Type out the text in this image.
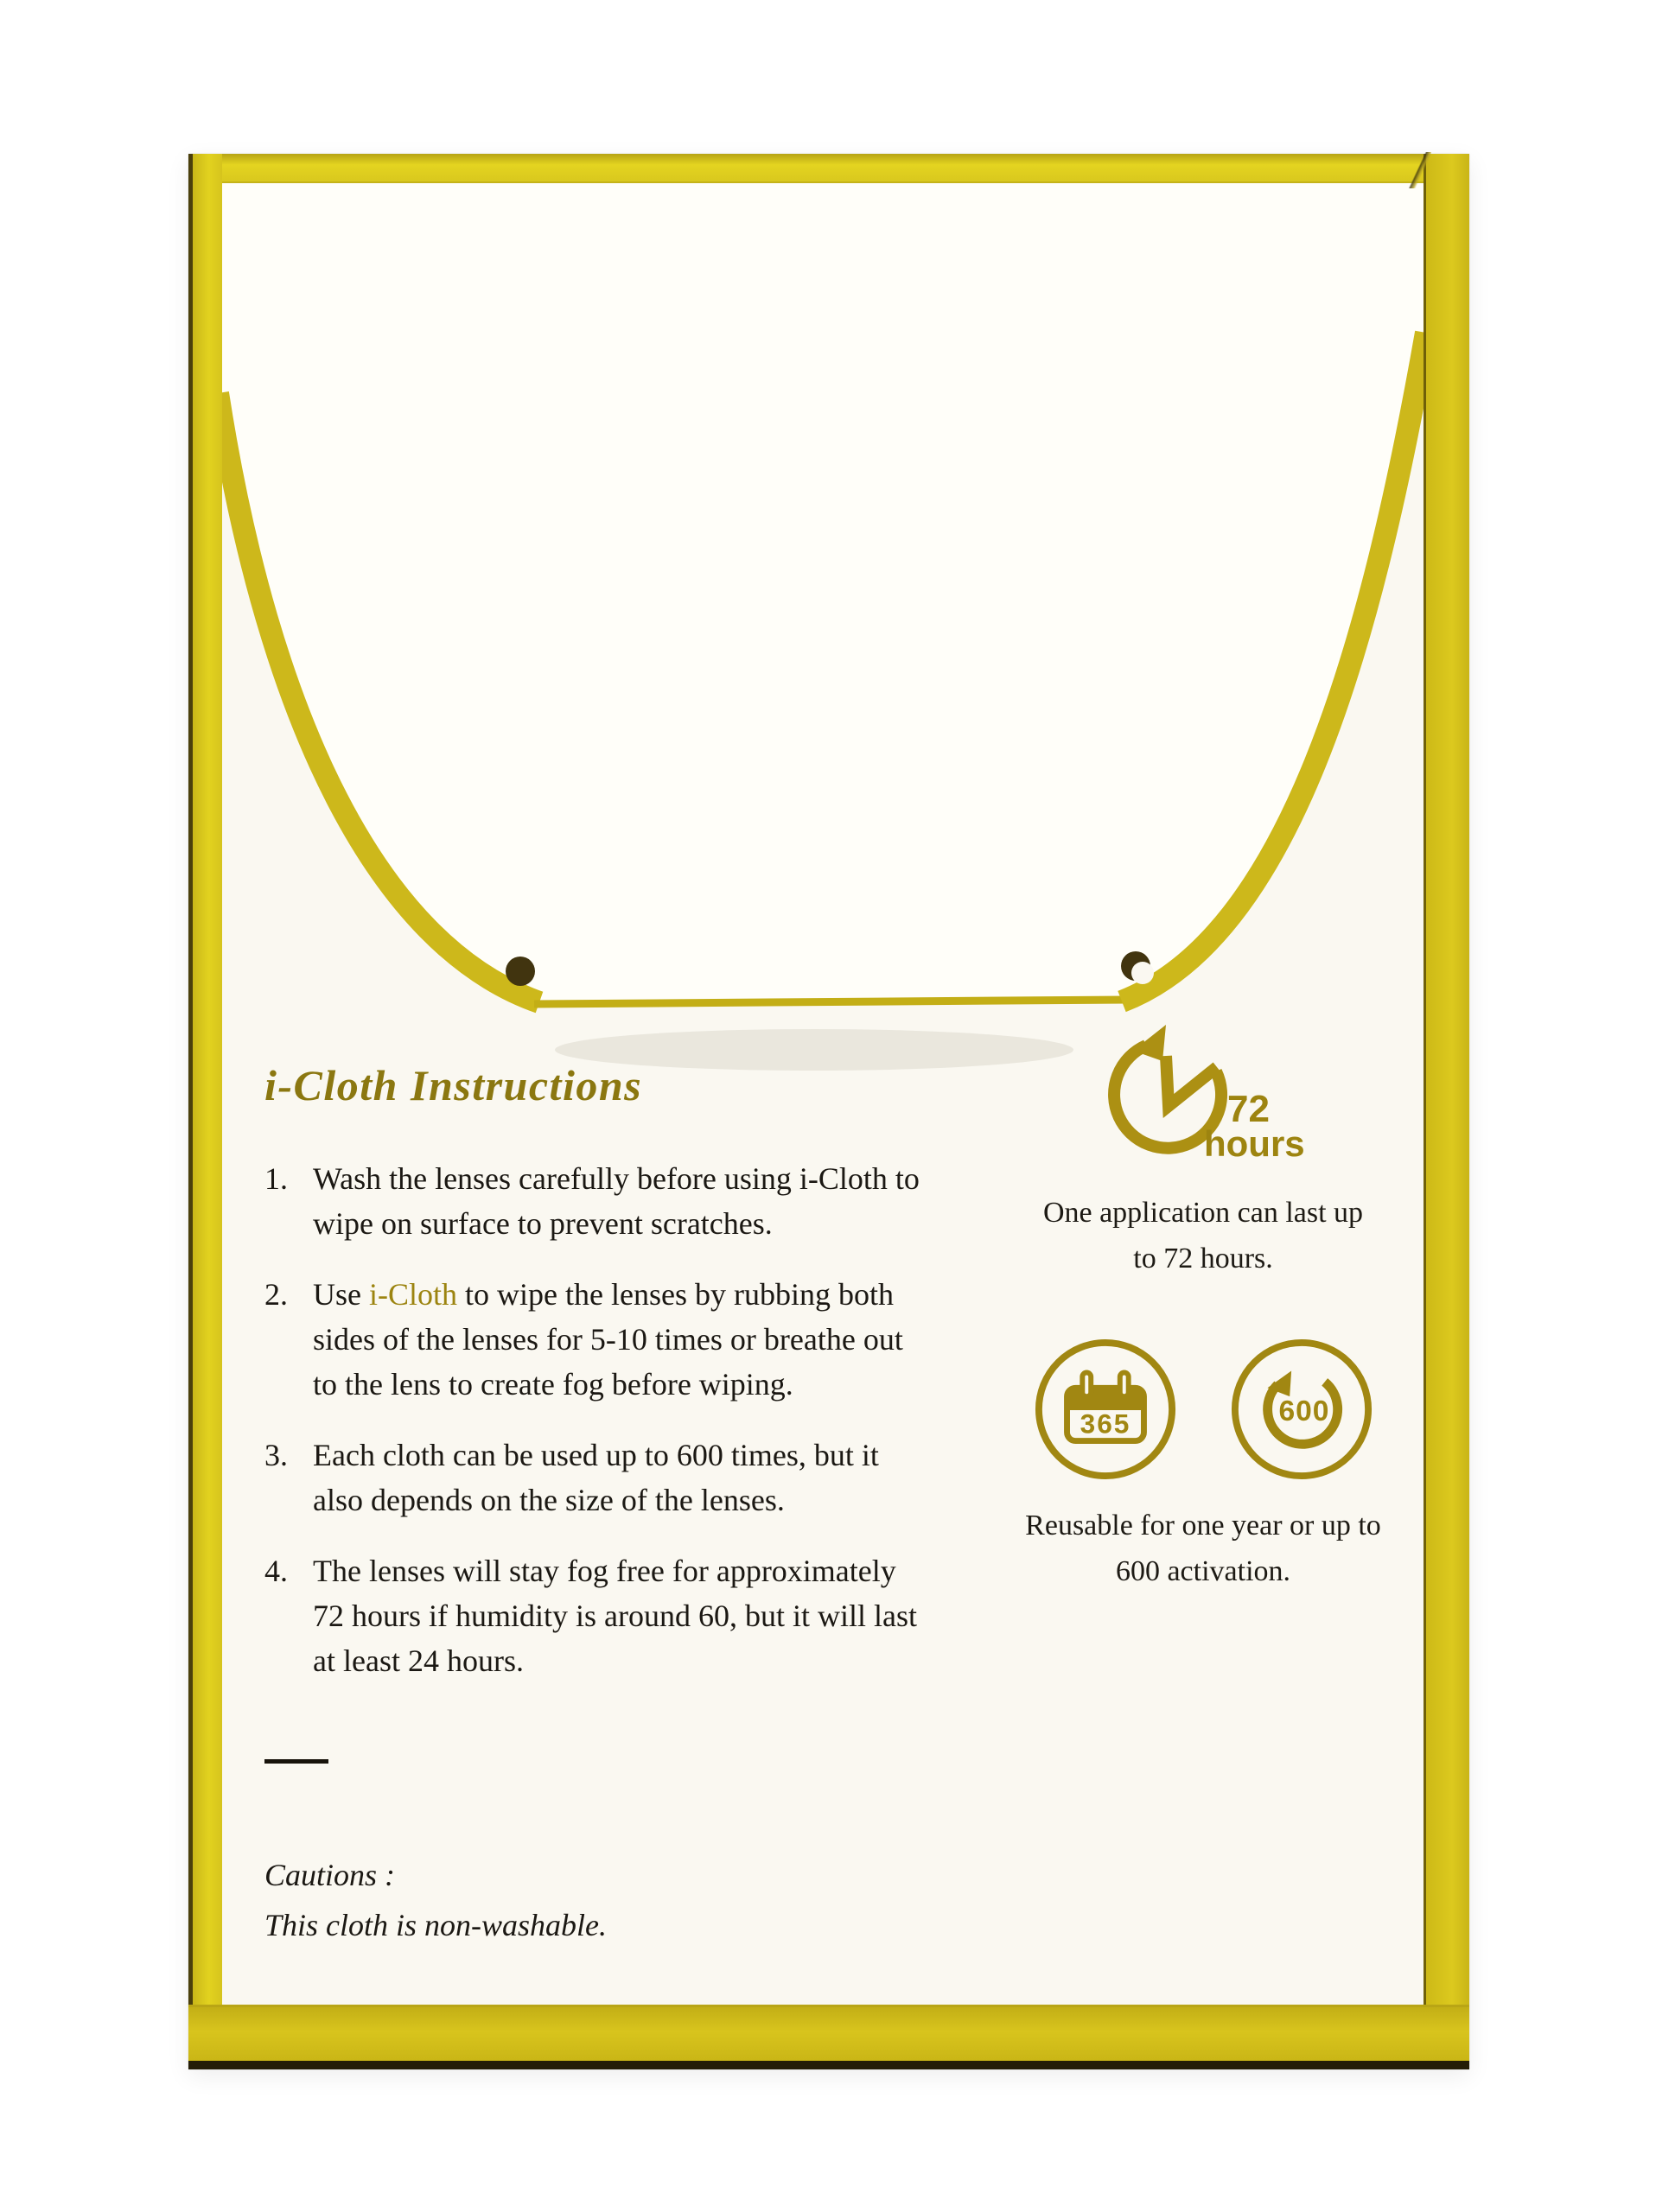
i-Cloth Instructions
1. Wash the lenses carefully before using i-Cloth to
wipe on surface to prevent scratches.
2. Use i-Cloth to wipe the lenses by rubbing both
sides of the lenses for 5-10 times or breathe out
to the lens to create fog before wiping.
3. Each cloth can be used up to 600 times, but it
also depends on the size of the lenses.
4. The lenses will stay fog free for approximately
72 hours if humidity is around 60, but it will last
at least 24 hours.
Cautions :
This cloth is non-washable.
72
hours
One application can last up
to 72 hours.
365	600
Reusable for one year or up to
600 activation.
